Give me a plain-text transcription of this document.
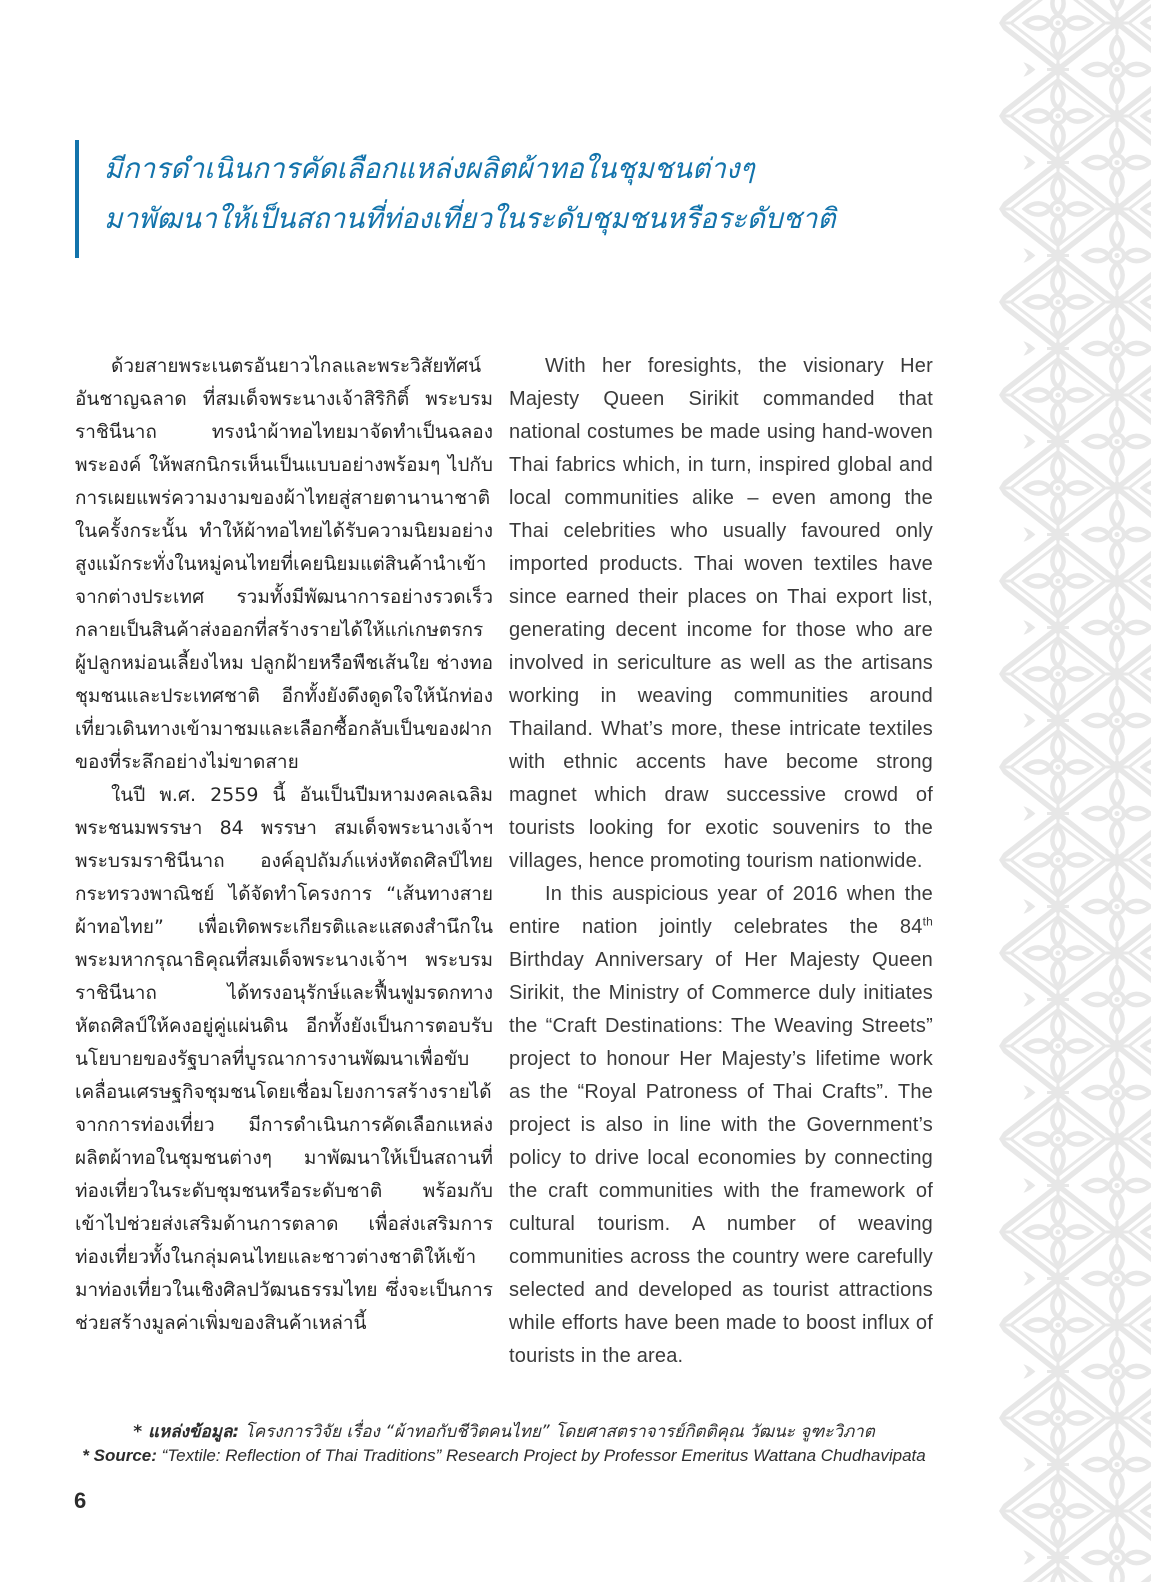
มีการดำเนินการคัดเลือกแหล่งผลิตผ้าทอในชุมชนต่างๆ
มาพัฒนาให้เป็นสถานที่ท่องเที่ยวในระดับชุมชนหรือระดับชาติ

ด้วยสายพระเนตรอันยาวไกลและพระวิสัยทัศน์อันชาญฉลาด ที่สมเด็จพระนางเจ้าสิริกิติ์ พระบรมราชินีนาถ ทรงนำผ้าทอไทยมาจัดทำเป็นฉลองพระองค์ ให้พสกนิกรเห็นเป็นแบบอย่างพร้อมๆ ไปกับการเผยแพร่ความงามของผ้าไทยสู่สายตานานาชาติในครั้งกระนั้น ทำให้ผ้าทอไทยได้รับความนิยมอย่างสูงแม้กระทั่งในหมู่คนไทยที่เคยนิยมแต่สินค้านำเข้าจากต่างประเทศ รวมทั้งมีพัฒนาการอย่างรวดเร็วกลายเป็นสินค้าส่งออกที่สร้างรายได้ให้แก่เกษตรกรผู้ปลูกหม่อนเลี้ยงไหม ปลูกฝ้ายหรือพืชเส้นใย ช่างทอ ชุมชนและประเทศชาติ อีกทั้งยังดึงดูดใจให้นักท่องเที่ยวเดินทางเข้ามาชมและเลือกซื้อกลับเป็นของฝากของที่ระลึกอย่างไม่ขาดสาย

ในปี พ.ศ. 2559 นี้ อันเป็นปีมหามงคลเฉลิมพระชนมพรรษา 84 พรรษา สมเด็จพระนางเจ้าฯ พระบรมราชินีนาถ องค์อุปถัมภ์แห่งหัตถศิลป์ไทย กระทรวงพาณิชย์ ได้จัดทำโครงการ “เส้นทางสายผ้าทอไทย” เพื่อเทิดพระเกียรติและแสดงสำนึกในพระมหากรุณาธิคุณที่สมเด็จพระนางเจ้าฯ พระบรมราชินีนาถ ได้ทรงอนุรักษ์และฟื้นฟูมรดกทางหัตถศิลป์ให้คงอยู่คู่แผ่นดิน อีกทั้งยังเป็นการตอบรับนโยบายของรัฐบาลที่บูรณาการงานพัฒนาเพื่อขับเคลื่อนเศรษฐกิจชุมชนโดยเชื่อมโยงการสร้างรายได้จากการท่องเที่ยว มีการดำเนินการคัดเลือกแหล่งผลิตผ้าทอในชุมชนต่างๆ มาพัฒนาให้เป็นสถานที่ท่องเที่ยวในระดับชุมชนหรือระดับชาติ พร้อมกับเข้าไปช่วยส่งเสริมด้านการตลาด เพื่อส่งเสริมการท่องเที่ยวทั้งในกลุ่มคนไทยและชาวต่างชาติให้เข้ามาท่องเที่ยวในเชิงศิลปวัฒนธรรมไทย ซึ่งจะเป็นการช่วยสร้างมูลค่าเพิ่มของสินค้าเหล่านี้

With her foresights, the visionary Her Majesty Queen Sirikit commanded that national costumes be made using hand-woven Thai fabrics which, in turn, inspired global and local communities alike – even among the Thai celebrities who usually favoured only imported products. Thai woven textiles have since earned their places on Thai export list, generating decent income for those who are involved in sericulture as well as the artisans working in weaving communities around Thailand. What’s more, these intricate textiles with ethnic accents have become strong magnet which draw successive crowd of tourists looking for exotic souvenirs to the villages, hence promoting tourism nationwide.

In this auspicious year of 2016 when the entire nation jointly celebrates the 84th Birthday Anniversary of Her Majesty Queen Sirikit, the Ministry of Commerce duly initiates the “Craft Destinations: The Weaving Streets” project to honour Her Majesty’s lifetime work as the “Royal Patroness of Thai Crafts”. The project is also in line with the Government’s policy to drive local economies by connecting the craft communities with the framework of cultural tourism. A number of weaving communities across the country were carefully selected and developed as tourist attractions while efforts have been made to boost influx of tourists in the area.

* แหล่งข้อมูล: โครงการวิจัย เรื่อง “ผ้าทอกับชีวิตคนไทย” โดยศาสตราจารย์กิตติคุณ วัฒนะ จูฑะวิภาต

* Source: “Textile: Reflection of Thai Traditions” Research Project by Professor Emeritus Wattana Chudhavipata

6
